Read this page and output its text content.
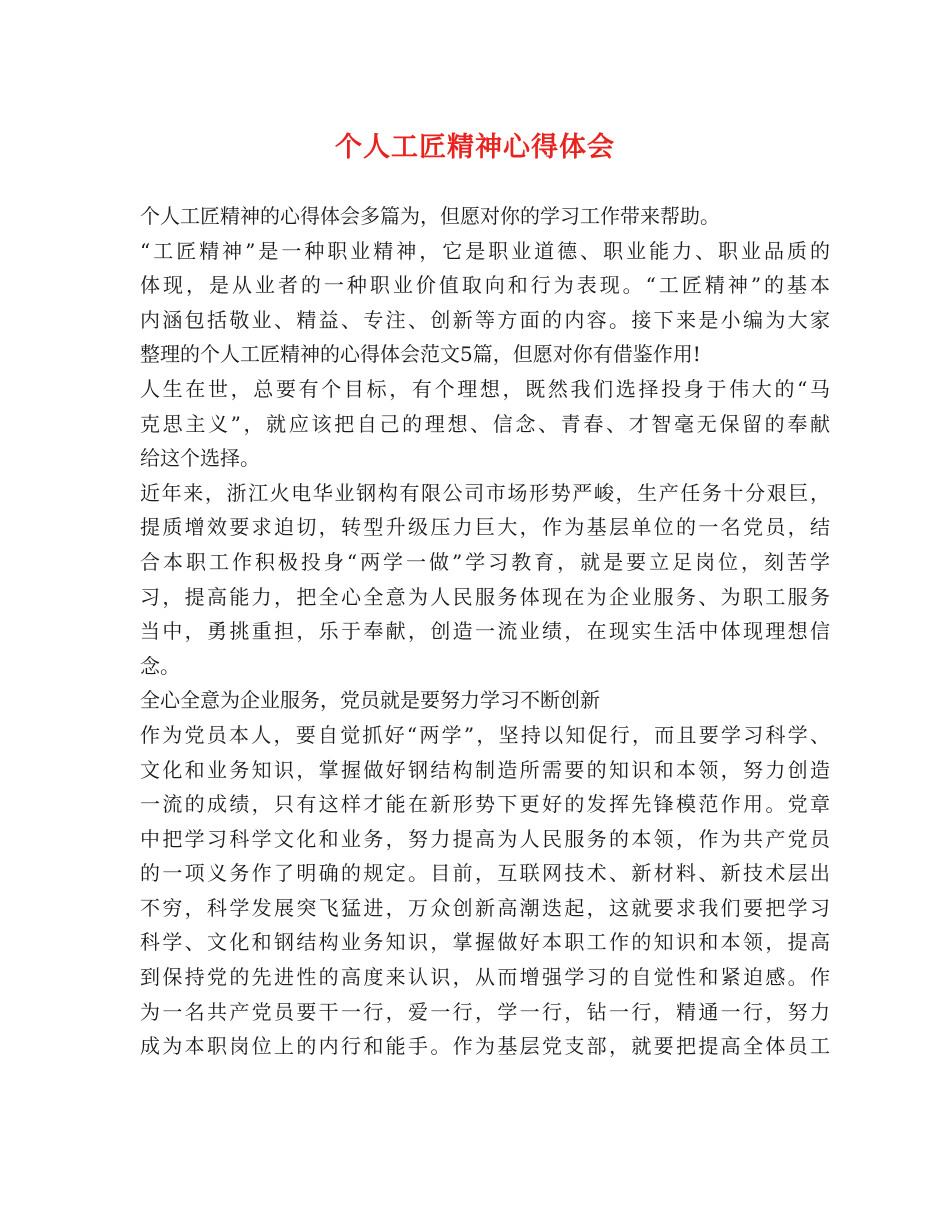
个人工匠精神心得体会
个人工匠精神的心得体会多篇为，但愿对你的学习工作带来帮助。
“工匠精神”是一种职业精神，它是职业道德、职业能力、职业品质的
体现，是从业者的一种职业价值取向和行为表现。“工匠精神”的基本
内涵包括敬业、精益、专注、创新等方面的内容。接下来是小编为大家
整理的个人工匠精神的心得体会范文5篇，但愿对你有借鉴作用!
人生在世，总要有个目标，有个理想，既然我们选择投身于伟大的“马
克思主义”，就应该把自己的理想、信念、青春、才智毫无保留的奉献
给这个选择。
近年来，浙江火电华业钢构有限公司市场形势严峻，生产任务十分艰巨，
提质增效要求迫切，转型升级压力巨大，作为基层单位的一名党员，结
合本职工作积极投身“两学一做”学习教育，就是要立足岗位，刻苦学
习，提高能力，把全心全意为人民服务体现在为企业服务、为职工服务
当中，勇挑重担，乐于奉献，创造一流业绩，在现实生活中体现理想信
念。
全心全意为企业服务，党员就是要努力学习不断创新
作为党员本人，要自觉抓好“两学”，坚持以知促行，而且要学习科学、
文化和业务知识，掌握做好钢结构制造所需要的知识和本领，努力创造
一流的成绩，只有这样才能在新形势下更好的发挥先锋模范作用。党章
中把学习科学文化和业务，努力提高为人民服务的本领，作为共产党员
的一项义务作了明确的规定。目前，互联网技术、新材料、新技术层出
不穷，科学发展突飞猛进，万众创新高潮迭起，这就要求我们要把学习
科学、文化和钢结构业务知识，掌握做好本职工作的知识和本领，提高
到保持党的先进性的高度来认识，从而增强学习的自觉性和紧迫感。作
为一名共产党员要干一行，爱一行，学一行，钻一行，精通一行，努力
成为本职岗位上的内行和能手。作为基层党支部，就要把提高全体员工
